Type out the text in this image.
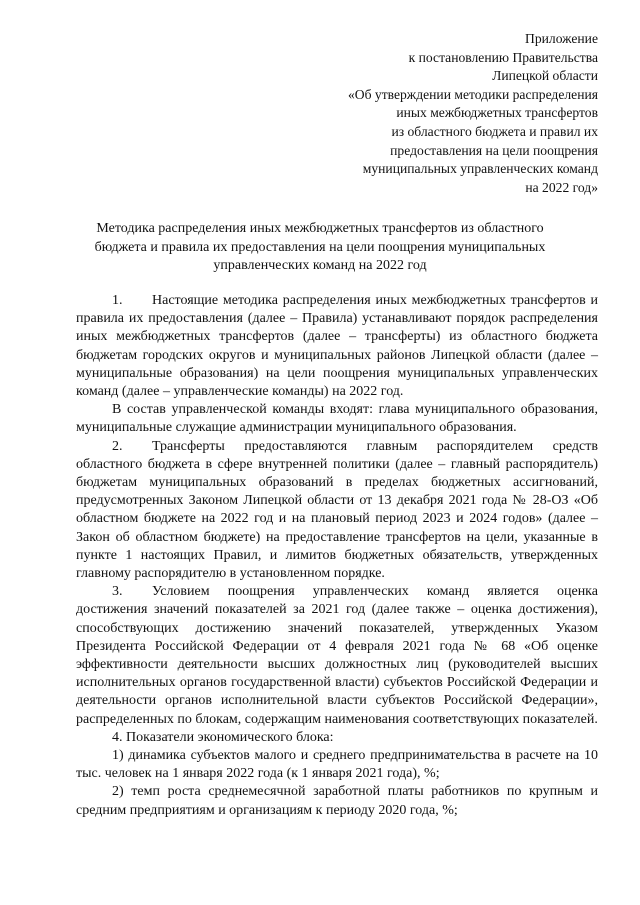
Приложение
к постановлению Правительства
Липецкой области
«Об утверждении методики распределения
иных межбюджетных трансфертов
из областного бюджета и правил их
предоставления на цели поощрения
муниципальных управленческих команд
на 2022 год»
Методика распределения иных межбюджетных трансфертов из областного бюджета и правила их предоставления на цели поощрения муниципальных управленческих команд на 2022 год

1. Настоящие методика распределения иных межбюджетных трансфертов и правила их предоставления (далее – Правила) устанавливают порядок распределения иных межбюджетных трансфертов (далее – трансферты) из областного бюджета бюджетам городских округов и муниципальных районов Липецкой области (далее – муниципальные образования) на цели поощрения муниципальных управленческих команд (далее – управленческие команды) на 2022 год.

В состав управленческой команды входят: глава муниципального образования, муниципальные служащие администрации муниципального образования.

2. Трансферты предоставляются главным распорядителем средств областного бюджета в сфере внутренней политики (далее – главный распорядитель) бюджетам муниципальных образований в пределах бюджетных ассигнований, предусмотренных Законом Липецкой области от 13 декабря 2021 года № 28-ОЗ «Об областном бюджете на 2022 год и на плановый период 2023 и 2024 годов» (далее – Закон об областном бюджете) на предоставление трансфертов на цели, указанные в пункте 1 настоящих Правил, и лимитов бюджетных обязательств, утвержденных главному распорядителю в установленном порядке.

3. Условием поощрения управленческих команд является оценка достижения значений показателей за 2021 год (далее также – оценка достижения), способствующих достижению значений показателей, утвержденных Указом Президента Российской Федерации от 4 февраля 2021 года № 68 «Об оценке эффективности деятельности высших должностных лиц (руководителей высших исполнительных органов государственной власти) субъектов Российской Федерации и деятельности органов исполнительной власти субъектов Российской Федерации», распределенных по блокам, содержащим наименования соответствующих показателей.

4. Показатели экономического блока:

1) динамика субъектов малого и среднего предпринимательства в расчете на 10 тыс. человек на 1 января 2022 года (к 1 января 2021 года), %;

2) темп роста среднемесячной заработной платы работников по крупным и средним предприятиям и организациям к периоду 2020 года, %;
